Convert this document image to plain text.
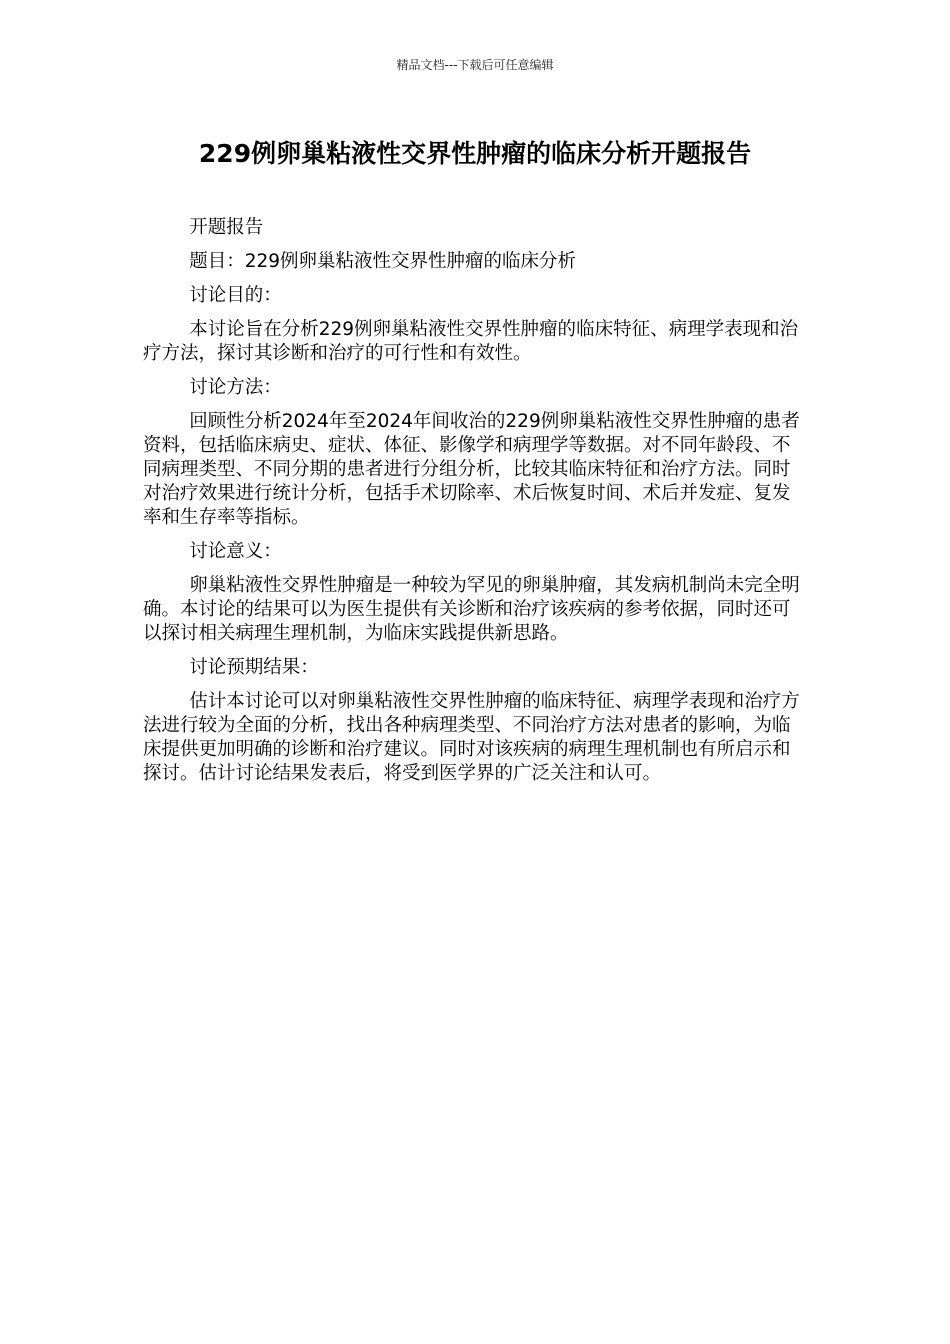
精品文档---下载后可任意编辑
229例卵巢粘液性交界性肿瘤的临床分析开题报告

开题报告

题目：229例卵巢粘液性交界性肿瘤的临床分析

讨论目的：

本讨论旨在分析229例卵巢粘液性交界性肿瘤的临床特征、病理学表现和治疗方法，探讨其诊断和治疗的可行性和有效性。

讨论方法：

回顾性分析2024年至2024年间收治的229例卵巢粘液性交界性肿瘤的患者资料，包括临床病史、症状、体征、影像学和病理学等数据。对不同年龄段、不同病理类型、不同分期的患者进行分组分析，比较其临床特征和治疗方法。同时对治疗效果进行统计分析，包括手术切除率、术后恢复时间、术后并发症、复发率和生存率等指标。

讨论意义：

卵巢粘液性交界性肿瘤是一种较为罕见的卵巢肿瘤，其发病机制尚未完全明确。本讨论的结果可以为医生提供有关诊断和治疗该疾病的参考依据，同时还可以探讨相关病理生理机制，为临床实践提供新思路。

讨论预期结果：

估计本讨论可以对卵巢粘液性交界性肿瘤的临床特征、病理学表现和治疗方法进行较为全面的分析，找出各种病理类型、不同治疗方法对患者的影响，为临床提供更加明确的诊断和治疗建议。同时对该疾病的病理生理机制也有所启示和探讨。估计讨论结果发表后，将受到医学界的广泛关注和认可。
